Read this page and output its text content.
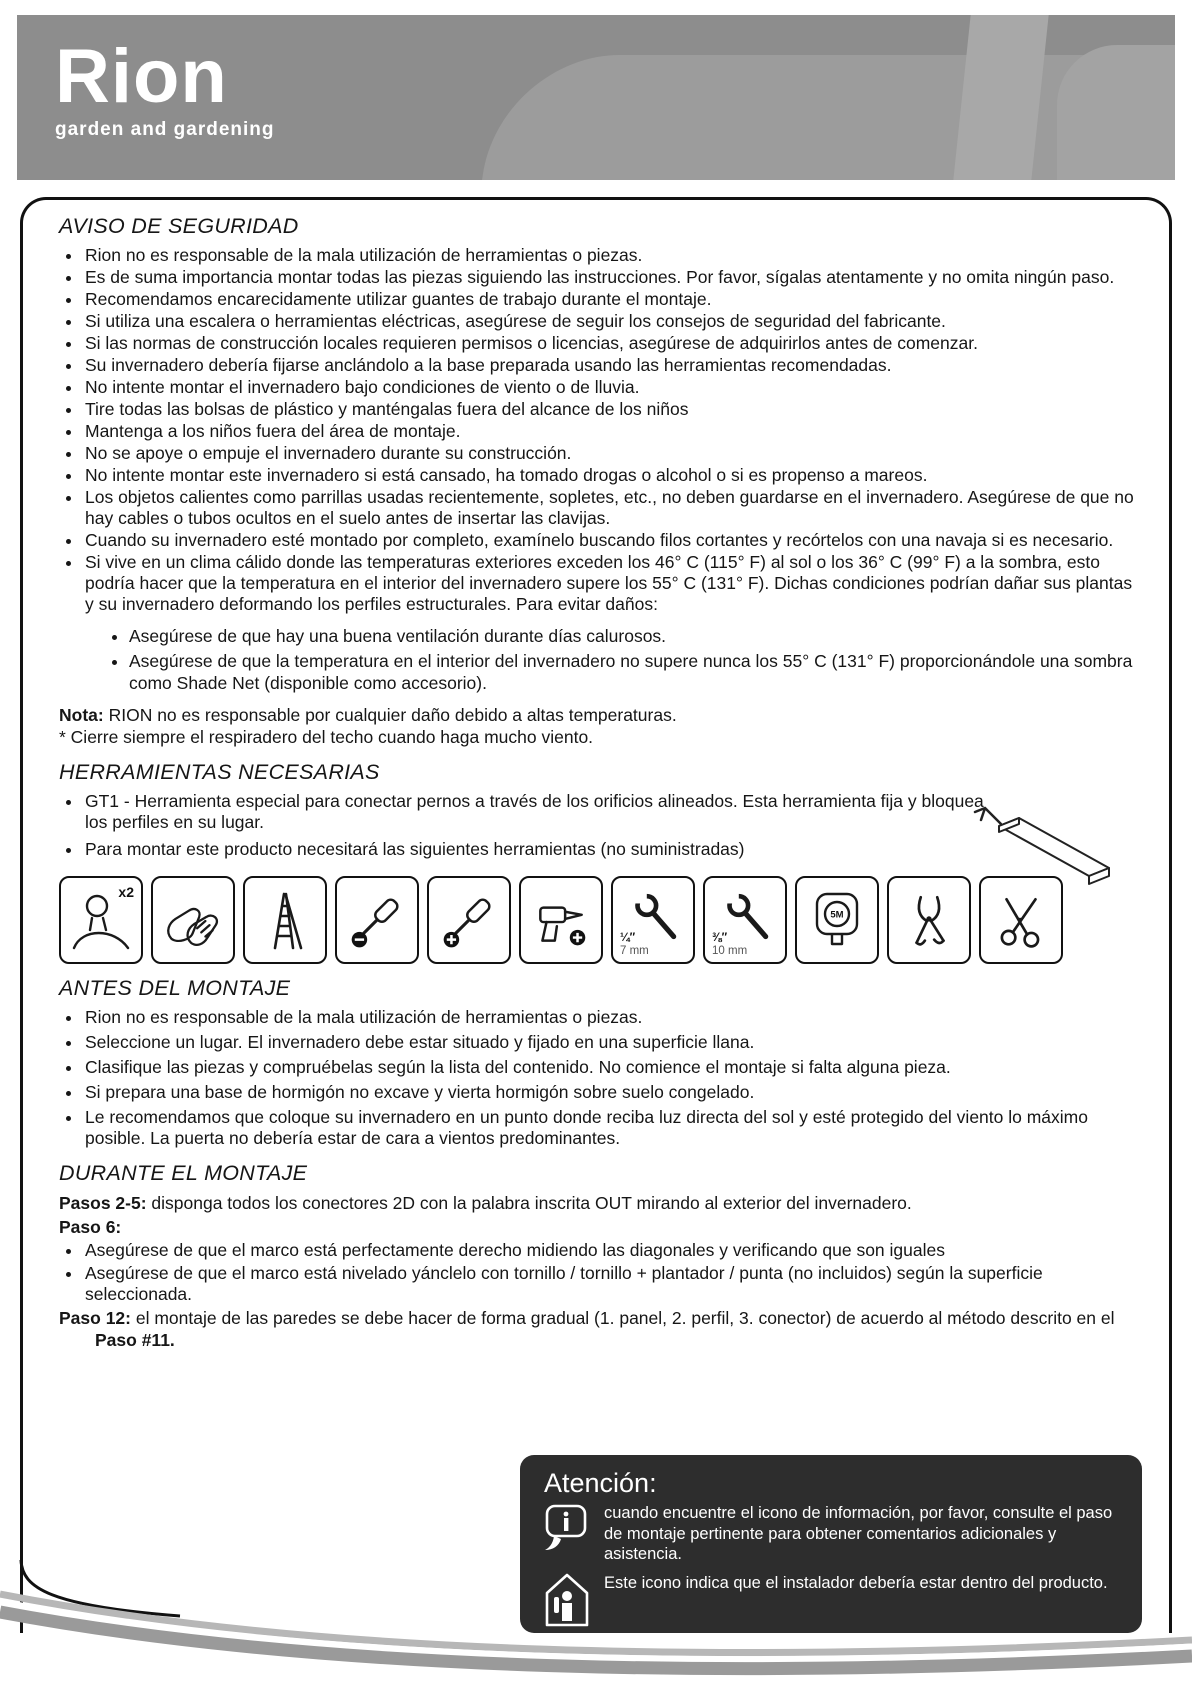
Rion
garden and gardening
AVISO DE SEGURIDAD
• Rion no es responsable de la mala utilización de herramientas o piezas.
• Es de suma importancia montar todas las piezas siguiendo las instrucciones. Por favor, sígalas atentamente y no omita ningún paso.
• Recomendamos encarecidamente utilizar guantes de trabajo durante el montaje.
• Si utiliza una escalera o herramientas eléctricas, asegúrese de seguir los consejos de seguridad del fabricante.
• Si las normas de construcción locales requieren permisos o licencias, asegúrese de adquirirlos antes de comenzar.
• Su invernadero debería fijarse anclándolo a la base preparada usando las herramientas recomendadas.
• No intente montar el invernadero bajo condiciones de viento o de lluvia.
• Tire todas las bolsas de plástico y manténgalas fuera del alcance de los niños
• Mantenga a los niños fuera del área de montaje.
• No se apoye o empuje el invernadero durante su construcción.
• No intente montar este invernadero si está cansado, ha tomado drogas o alcohol o si es propenso a mareos.
• Los objetos calientes como parrillas usadas recientemente, sopletes, etc., no deben guardarse en el invernadero. Asegúrese de que no hay cables o tubos ocultos en el suelo antes de insertar las clavijas.
• Cuando su invernadero esté montado por completo, examínelo buscando filos cortantes y recórtelos con una navaja si es necesario.
• Si vive en un clima cálido donde las temperaturas exteriores exceden los 46° C (115° F) al sol o los 36° C (99° F) a la sombra, esto podría hacer que la temperatura en el interior del invernadero supere los 55° C (131° F). Dichas condiciones podrían dañar sus plantas y su invernadero deformando los perfiles estructurales. Para evitar daños:
• Asegúrese de que hay una buena ventilación durante días calurosos.
• Asegúrese de que la temperatura en el interior del invernadero no supere nunca los 55° C (131° F) proporcionándole una sombra como Shade Net (disponible como accesorio).
Nota: RION no es responsable por cualquier daño debido a altas temperaturas.
* Cierre siempre el respiradero del techo cuando haga mucho viento.
HERRAMIENTAS NECESARIAS
• GT1 - Herramienta especial para conectar pernos a través de los orificios alineados. Esta herramienta fija y bloquea los perfiles en su lugar.
• Para montar este producto necesitará las siguientes herramientas (no suministradas)
x2
¼″
7 mm
⅜″
10 mm
5M
ANTES DEL MONTAJE
• Rion no es responsable de la mala utilización de herramientas o piezas.
• Seleccione un lugar. El invernadero debe estar situado y fijado en una superficie llana.
• Clasifique las piezas y compruébelas según la lista del contenido. No comience el montaje si falta alguna pieza.
• Si prepara una base de hormigón no excave y vierta hormigón sobre suelo congelado.
• Le recomendamos que coloque su invernadero en un punto donde reciba luz directa del sol y esté protegido del viento lo máximo posible. La puerta no debería estar de cara a vientos predominantes.
DURANTE EL MONTAJE
Pasos 2-5: disponga todos los conectores 2D con la palabra inscrita OUT mirando al exterior del invernadero.
Paso 6:
• Asegúrese de que el marco está perfectamente derecho midiendo las diagonales y verificando que son iguales
• Asegúrese de que el marco está nivelado yánclelo con tornillo / tornillo + plantador / punta (no incluidos) según la superficie seleccionada.
Paso 12: el montaje de las paredes se debe hacer de forma gradual (1. panel, 2. perfil, 3. conector) de acuerdo al método descrito en el Paso #11.
Atención:
cuando encuentre el icono de información, por favor, consulte el paso de montaje pertinente para obtener comentarios adicionales y asistencia.
Este icono indica que el instalador debería estar dentro del producto.
